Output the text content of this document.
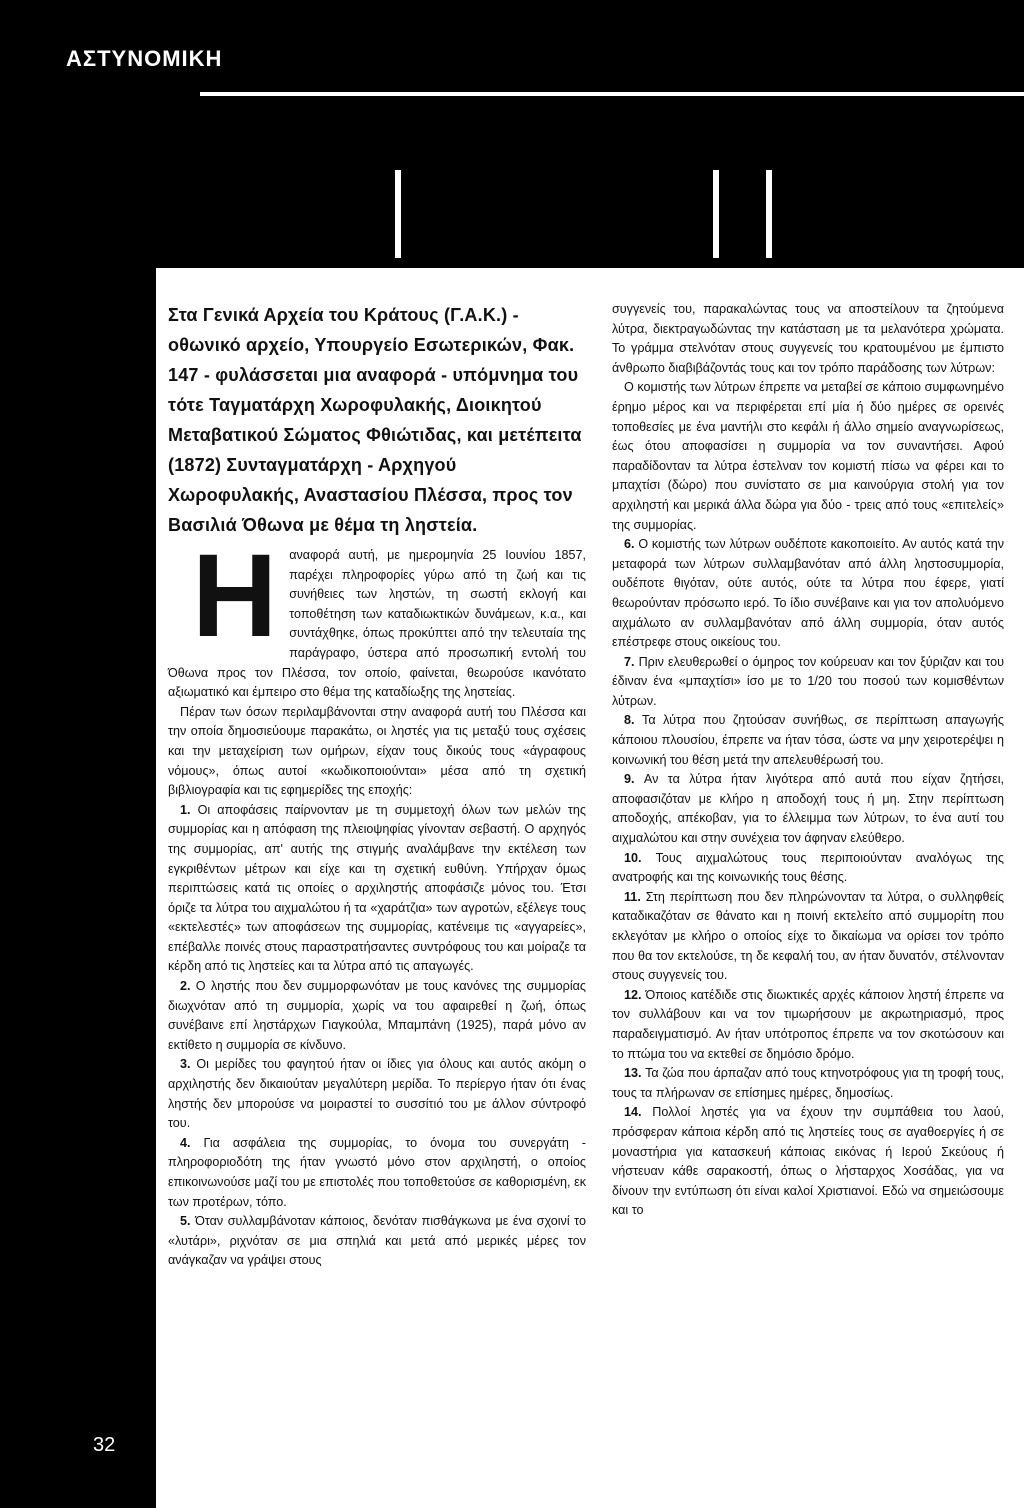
ΑΣΤΥΝΟΜΙΚΗ

Στα Γενικά Αρχεία του Κράτους (Γ.Α.Κ.) - οθωνικό αρχείο, Υπουργείο Εσωτερικών, Φακ. 147 - φυλάσσεται μια αναφορά - υπόμνημα του τότε Ταγματάρχη Χωροφυλακής, Διοικητού Μεταβατικού Σώματος Φθιώτιδας, και μετέπειτα (1872) Συνταγματάρχη - Αρχηγού Χωροφυλακής, Αναστασίου Πλέσσα, προς τον Βασιλιά Όθωνα με θέμα τη ληστεία.

Ηαναφορά αυτή, με ημερομηνία 25 Ιουνίου 1857, παρέχει πληροφορίες γύρω από τη ζωή και τις συνήθειες των ληστών, τη σωστή εκλογή και τοποθέτηση των καταδιωκτικών δυνάμεων, κ.α., και συντάχθηκε, όπως προκύπτει από την τελευταία της παράγραφο, ύστερα από προσωπική εντολή του Όθωνα προς τον Πλέσσα, τον οποίο, φαίνεται, θεωρούσε ικανότατο αξιωματικό και έμπειρο στο θέμα της καταδίωξης της ληστείας.

Πέραν των όσων περιλαμβάνονται στην αναφορά αυτή του Πλέσσα και την οποία δημοσιεύουμε παρακάτω, οι ληστές για τις μεταξύ τους σχέσεις και την μεταχείριση των ομήρων, είχαν τους δικούς τους «άγραφους νόμους», όπως αυτοί «κωδικοποιούνται» μέσα από τη σχετική βιβλιογραφία και τις εφημερίδες της εποχής:

1. Οι αποφάσεις παίρνονταν με τη συμμετοχή όλων των μελών της συμμορίας και η απόφαση της πλειοψηφίας γίνονταν σεβαστή. Ο αρχηγός της συμμορίας, απ' αυτής της στιγμής αναλάμβανε την εκτέλεση των εγκριθέντων μέτρων και είχε και τη σχετική ευθύνη. Υπήρχαν όμως περιπτώσεις κατά τις οποίες ο αρχιληστής αποφάσιζε μόνος του. Έτσι όριζε τα λύτρα του αιχμαλώτου ή τα «χαράτζια» των αγροτών, εξέλεγε τους «εκτελεστές» των αποφάσεων της συμμορίας, κατένειμε τις «αγγαρείες», επέβαλλε ποινές στους παραστρατήσαντες συντρόφους του και μοίραζε τα κέρδη από τις ληστείες και τα λύτρα από τις απαγωγές.

2. Ο ληστής που δεν συμμορφωνόταν με τους κανόνες της συμμορίας διωχνόταν από τη συμμορία, χωρίς να του αφαιρεθεί η ζωή, όπως συνέβαινε επί ληστάρχων Γιαγκούλα, Μπαμπάνη (1925), παρά μόνο αν εκτίθετο η συμμορία σε κίνδυνο.

3. Οι μερίδες του φαγητού ήταν οι ίδιες για όλους και αυτός ακόμη ο αρχιληστής δεν δικαιούταν μεγαλύτερη μερίδα. Το περίεργο ήταν ότι ένας ληστής δεν μπορούσε να μοιραστεί το συσσίτιό του με άλλον σύντροφό του.

4. Για ασφάλεια της συμμορίας, το όνομα του συνεργάτη - πληροφοριοδότη της ήταν γνωστό μόνο στον αρχιληστή, ο οποίος επικοινωνούσε μαζί του με επιστολές που τοποθετούσε σε καθορισμένη, εκ των προτέρων, τόπο.

5. Όταν συλλαμβάνοταν κάποιος, δενόταν πισθάγκωνα με ένα σχοινί το «λυτάρι», ριχνόταν σε μια σπηλιά και μετά από μερικές μέρες τον ανάγκαζαν να γράψει στους

συγγενείς του, παρακαλώντας τους να αποστείλουν τα ζητούμενα λύτρα, διεκτραγωδώντας την κατάσταση με τα μελανότερα χρώματα. Το γράμμα στελνόταν στους συγγενείς του κρατουμένου με έμπιστο άνθρωπο διαβιβάζοντάς τους και τον τρόπο παράδοσης των λύτρων:

Ο κομιστής των λύτρων έπρεπε να μεταβεί σε κάποιο συμφωνημένο έρημο μέρος και να περιφέρεται επί μία ή δύο ημέρες σε ορεινές τοποθεσίες με ένα μαντήλι στο κεφάλι ή άλλο σημείο αναγνωρίσεως, έως ότου αποφασίσει η συμμορία να τον συναντήσει. Αφού παραδίδονταν τα λύτρα έστελναν τον κομιστή πίσω να φέρει και το μπαχτίσι (δώρο) που συνίστατο σε μια καινούργια στολή για τον αρχιληστή και μερικά άλλα δώρα για δύο - τρεις από τους «επιτελείς» της συμμορίας.

6. Ο κομιστής των λύτρων ουδέποτε κακοποιείτο. Αν αυτός κατά την μεταφορά των λύτρων συλλαμβανόταν από άλλη ληστοσυμμορία, ουδέποτε θιγόταν, ούτε αυτός, ούτε τα λύτρα που έφερε, γιατί θεωρούνταν πρόσωπο ιερό. Το ίδιο συνέβαινε και για τον απολυόμενο αιχμάλωτο αν συλλαμβανόταν από άλλη συμμορία, όταν αυτός επέστρεφε στους οικείους του.

7. Πριν ελευθερωθεί ο όμηρος τον κούρευαν και τον ξύριζαν και του έδιναν ένα «μπαχτίσι» ίσο με το 1/20 του ποσού των κομισθέντων λύτρων.

8. Τα λύτρα που ζητούσαν συνήθως, σε περίπτωση απαγωγής κάποιου πλουσίου, έπρεπε να ήταν τόσα, ώστε να μην χειροτερέψει η κοινωνική του θέση μετά την απελευθέρωσή του.

9. Αν τα λύτρα ήταν λιγότερα από αυτά που είχαν ζητήσει, αποφασιζόταν με κλήρο η αποδοχή τους ή μη. Στην περίπτωση αποδοχής, απέκοβαν, για το έλλειμμα των λύτρων, το ένα αυτί του αιχμαλώτου και στην συνέχεια τον άφηναν ελεύθερο.

10. Τους αιχμαλώτους τους περιποιούνταν αναλόγως της ανατροφής και της κοινωνικής τους θέσης.

11. Στη περίπτωση που δεν πληρώνονταν τα λύτρα, ο συλληφθείς καταδικαζόταν σε θάνατο και η ποινή εκτελείτο από συμμορίτη που εκλεγόταν με κλήρο ο οποίος είχε το δικαίωμα να ορίσει τον τρόπο που θα τον εκτελούσε, τη δε κεφαλή του, αν ήταν δυνατόν, στέλνονταν στους συγγενείς του.

12. Όποιος κατέδιδε στις διωκτικές αρχές κάποιον ληστή έπρεπε να τον συλλάβουν και να τον τιμωρήσουν με ακρωτηριασμό, προς παραδειγματισμό. Αν ήταν υπότροπος έπρεπε να τον σκοτώσουν και το πτώμα του να εκτεθεί σε δημόσιο δρόμο.

13. Τα ζώα που άρπαζαν από τους κτηνοτρόφους για τη τροφή τους, τους τα πλήρωναν σε επίσημες ημέρες, δημοσίως.

14. Πολλοί ληστές για να έχουν την συμπάθεια του λαού, πρόσφεραν κάποια κέρδη από τις ληστείες τους σε αγαθοεργίες ή σε μοναστήρια για κατασκευή κάποιας εικόνας ή Ιερού Σκεύους ή νήστευαν κάθε σαρακοστή, όπως ο λήσταρχος Χοσάδας, για να δίνουν την εντύπωση ότι είναι καλοί Χριστιανοί. Εδώ να σημειώσουμε και το

32
